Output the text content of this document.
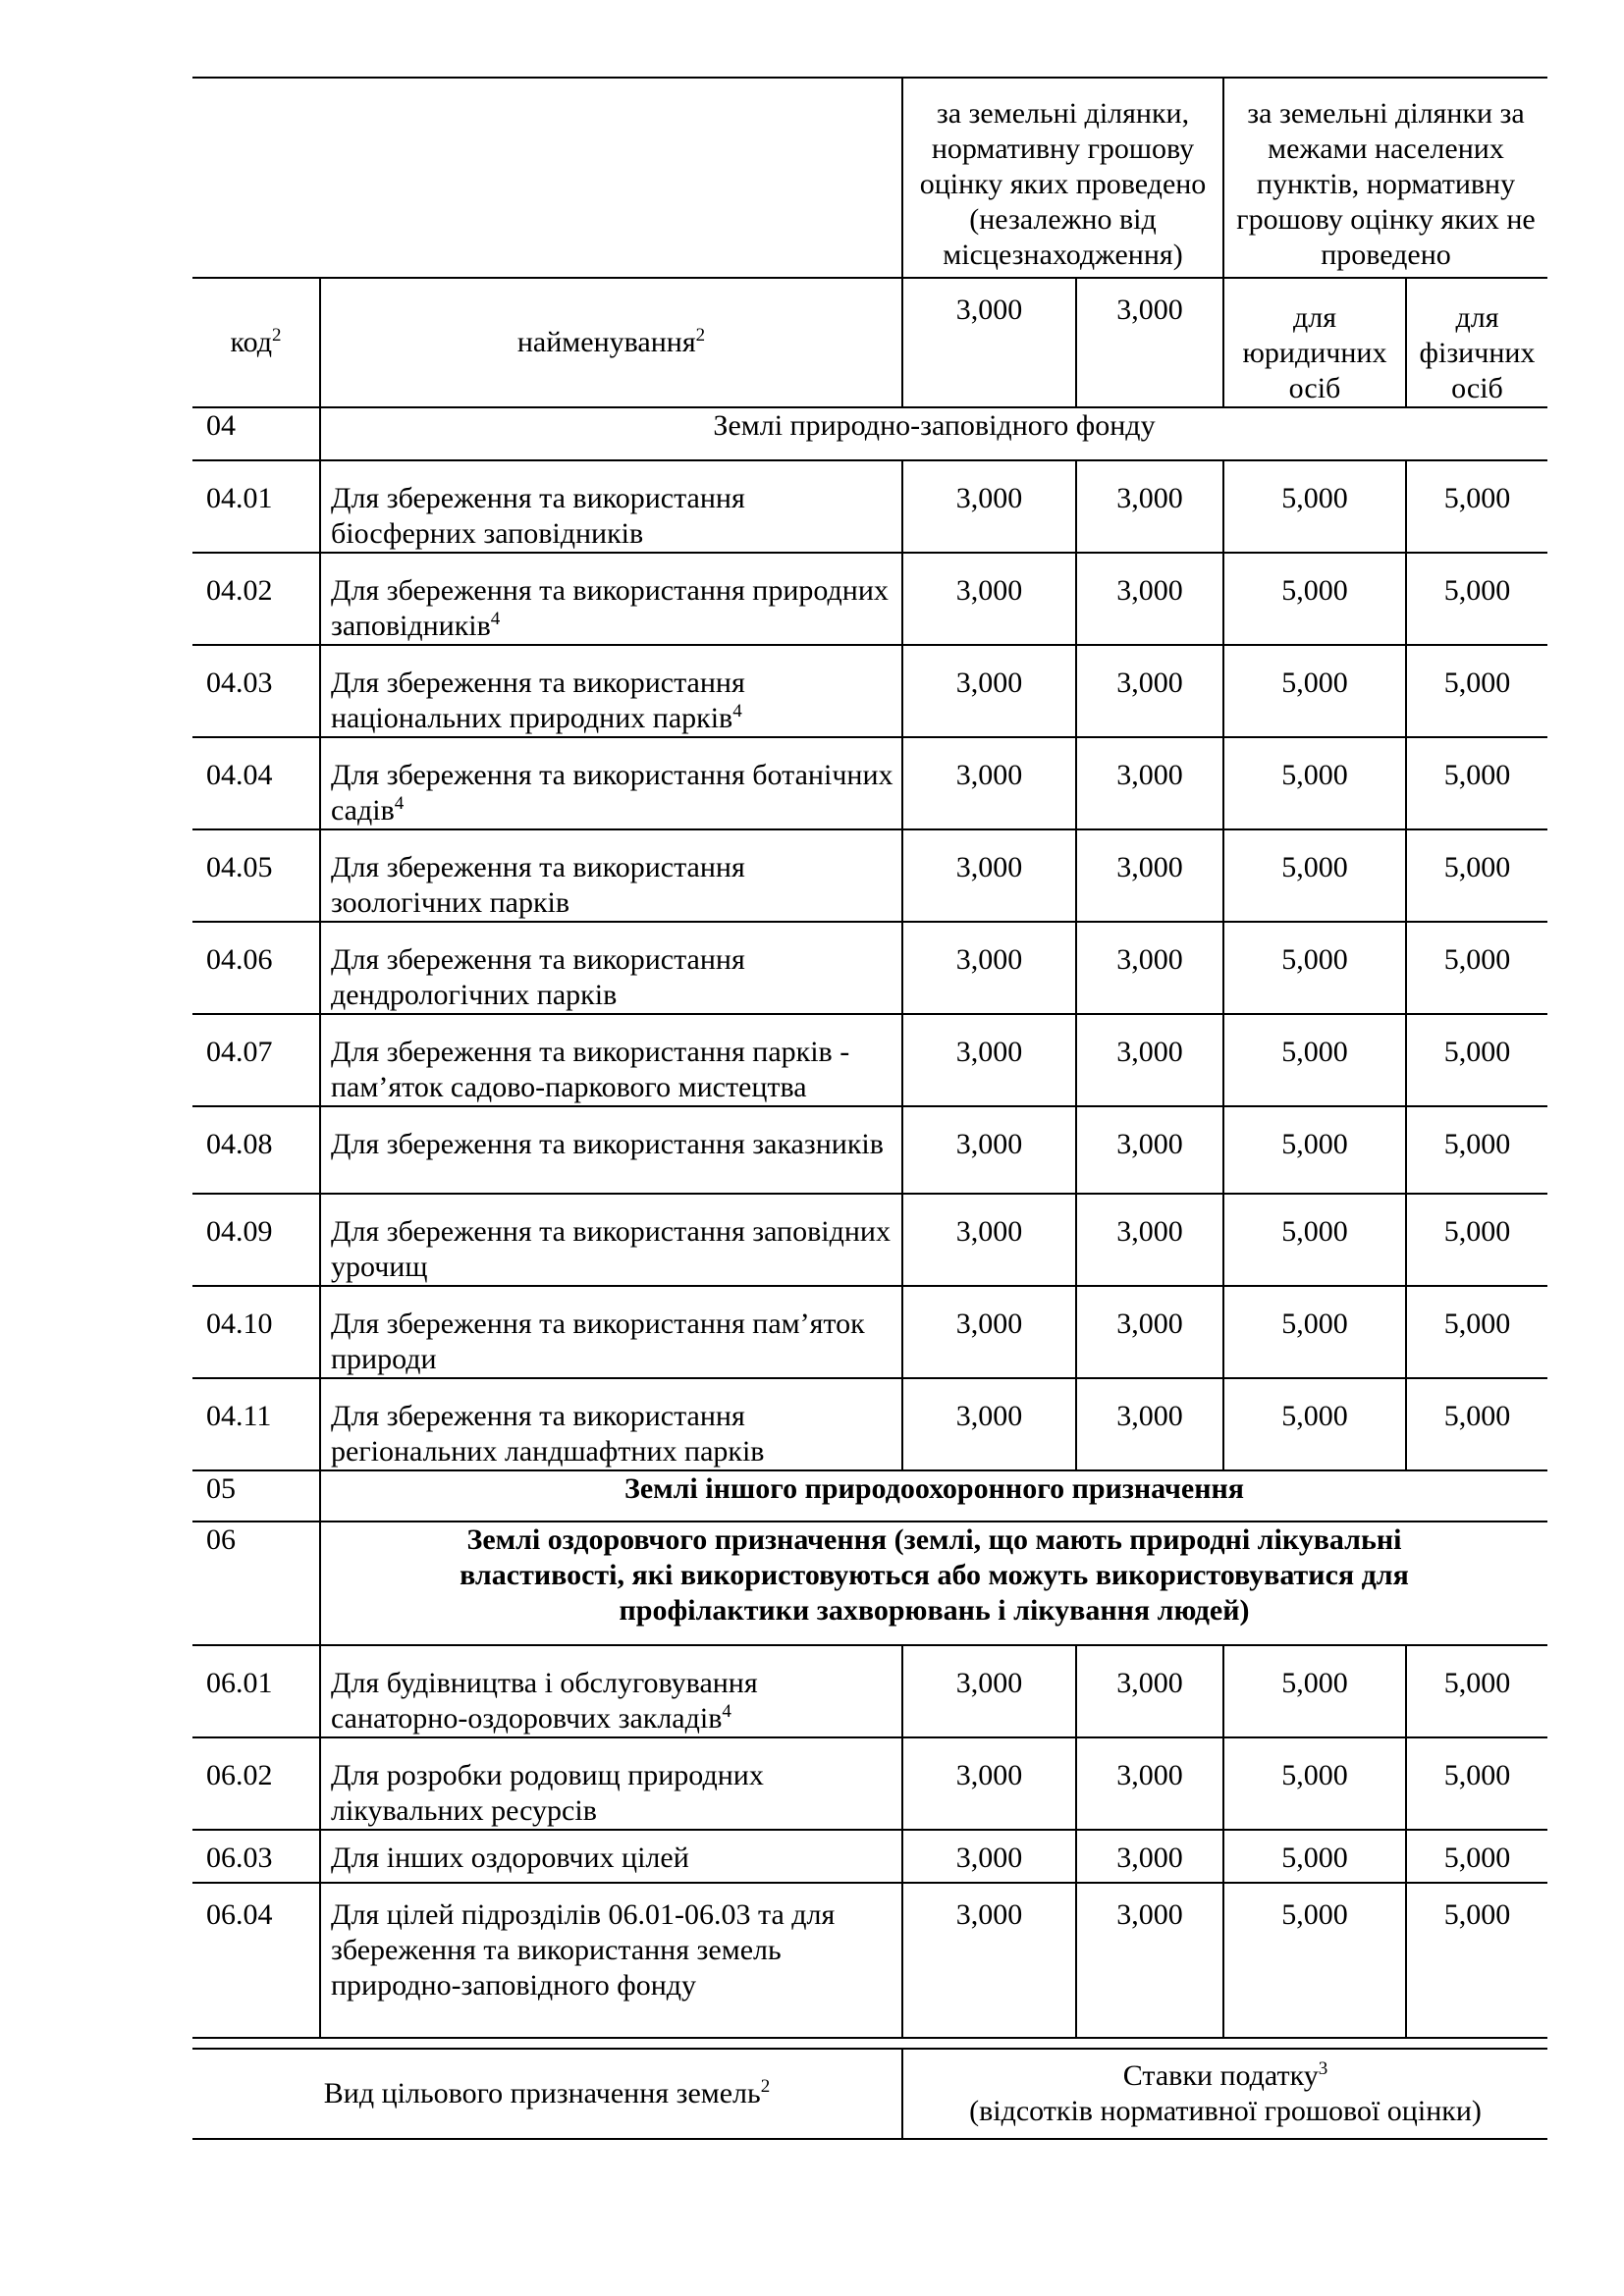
		за земельні ділянки, нормативну грошову оцінку яких проведено (незалежно від місцезнаходження)		за земельні ділянки за межами населених пунктів, нормативну грошову оцінку яких не проведено	
код$^2$	найменування$^2$	3,000	3,000	для юридичних осіб	для фізичних осіб
04	Землі природно-заповідного фонду				
04.01	Для збереження та використання біосферних заповідників	3,000	3,000	5,000	5,000
04.02	Для збереження та використання природних заповідників$^4$	3,000	3,000	5,000	5,000
04.03	Для збереження та використання національних природних парків$^4$	3,000	3,000	5,000	5,000
04.04	Для збереження та використання ботанічних садів$^4$	3,000	3,000	5,000	5,000
04.05	Для збереження та використання зоологічних парків	3,000	3,000	5,000	5,000
04.06	Для збереження та використання дендрологічних парків	3,000	3,000	5,000	5,000
04.07	Для збереження та використання парків - пам’яток садово-паркового мистецтва	3,000	3,000	5,000	5,000
04.08	Для збереження та використання заказників	3,000	3,000	5,000	5,000
04.09	Для збереження та використання заповідних урочищ	3,000	3,000	5,000	5,000
04.10	Для збереження та використання пам’яток природи	3,000	3,000	5,000	5,000
04.11	Для збереження та використання регіональних ландшафтних парків	3,000	3,000	5,000	5,000
05	Землі іншого природоохоронного призначення				
06	Землі оздоровчого призначення (землі, що мають природні лікувальні властивості, які використовуються або можуть використовуватися для профілактики захворювань і лікування людей)				
06.01	Для будівництва і обслуговування санаторно-оздоровчих закладів$^4$	3,000	3,000	5,000	5,000
06.02	Для розробки родовищ природних лікувальних ресурсів	3,000	3,000	5,000	5,000
06.03	Для інших оздоровчих цілей	3,000	3,000	5,000	5,000
06.04	Для цілей підрозділів 06.01-06.03 та для збереження та використання земель природно-заповідного фонду	3,000	3,000	5,000	5,000
Вид цільового призначення земель$^2$	Ставки податку$^3$
(відсотків нормативної грошової оцінки)
